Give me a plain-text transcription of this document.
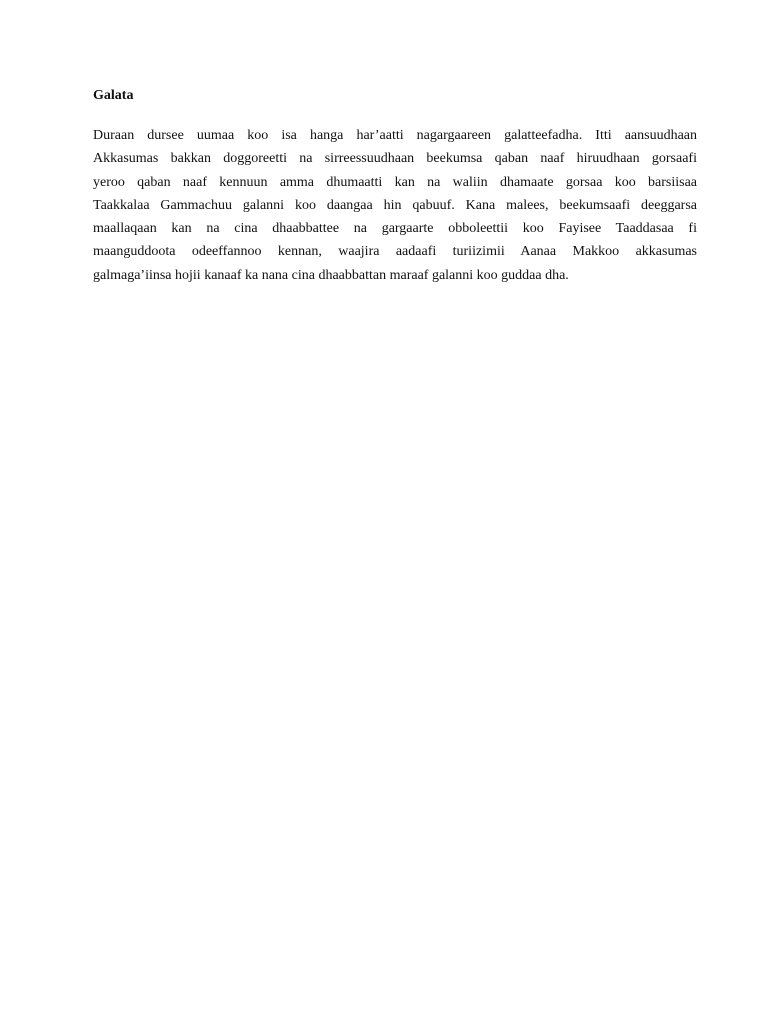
Galata
Duraan dursee uumaa koo isa hanga har’aatti nagargaareen galatteefadha. Itti aansuudhaan
Akkasumas bakkan doggoreetti na sirreessuudhaan beekumsa qaban naaf hiruudhaan gorsaafi
yeroo qaban naaf kennuun amma dhumaatti kan na waliin dhamaate gorsaa koo barsiisaa
Taakkalaa Gammachuu galanni koo daangaa hin qabuuf. Kana malees, beekumsaafi deeggarsa
maallaqaan kan na cina dhaabbattee na gargaarte obboleettii koo Fayisee Taaddasaa fi
maanguddoota odeeffannoo kennan, waajira aadaafi turiizimii Aanaa Makkoo akkasumas
galmaga’iinsa hojii kanaaf ka nana cina dhaabbattan maraaf galanni koo guddaa dha.
